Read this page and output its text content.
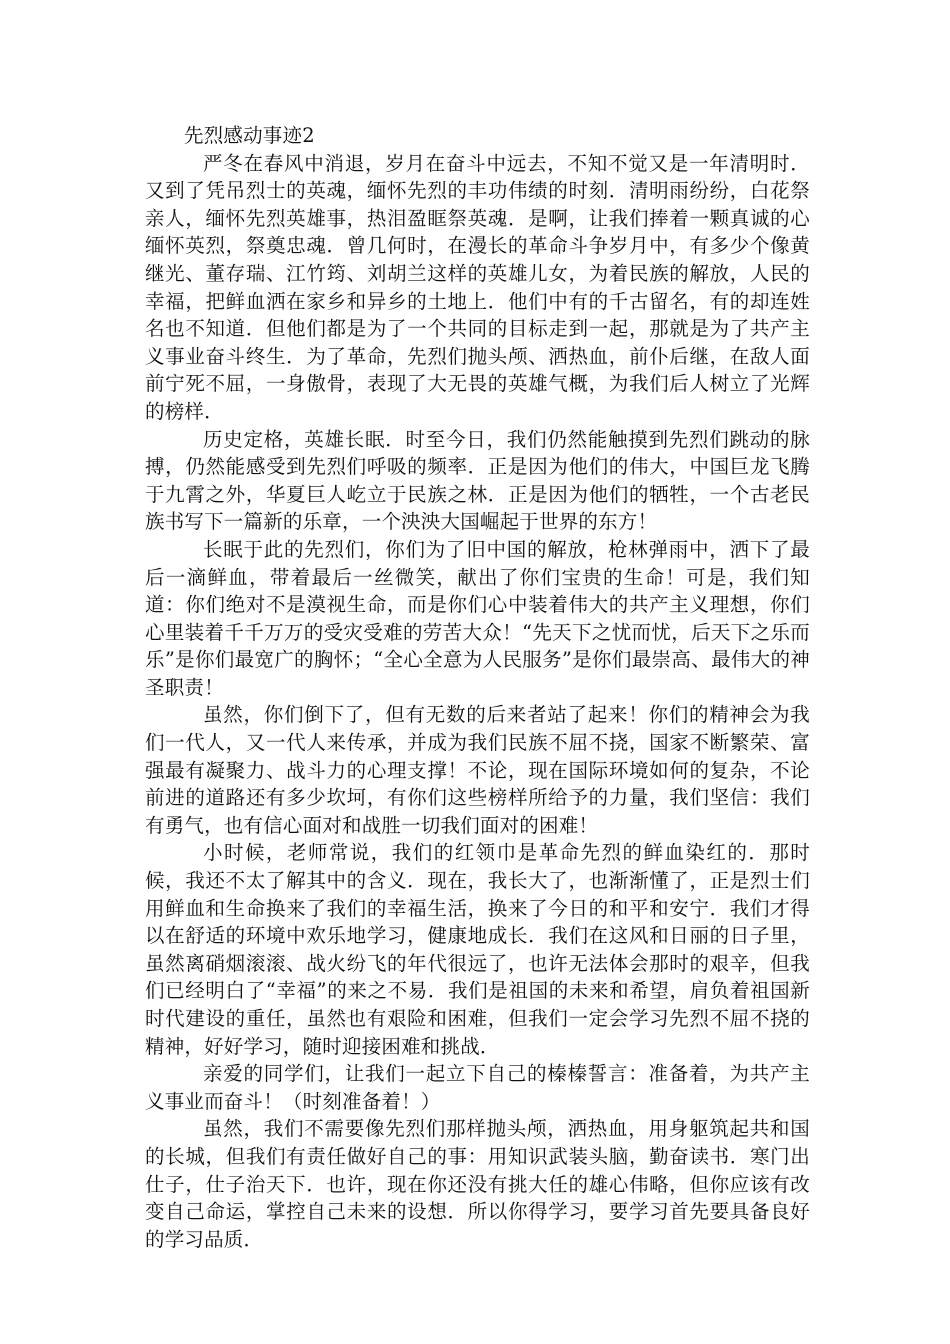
先烈感动事迹2

严冬在春风中消退，岁月在奋斗中远去，不知不觉又是一年清明时．又到了凭吊烈士的英魂，缅怀先烈的丰功伟绩的时刻．清明雨纷纷，白花祭亲人，缅怀先烈英雄事，热泪盈眶祭英魂．是啊，让我们捧着一颗真诚的心缅怀英烈，祭奠忠魂．曾几何时，在漫长的革命斗争岁月中，有多少个像黄继光、董存瑞、江竹筠、刘胡兰这样的英雄儿女，为着民族的解放，人民的幸福，把鲜血洒在家乡和异乡的土地上．他们中有的千古留名，有的却连姓名也不知道．但他们都是为了一个共同的目标走到一起，那就是为了共产主义事业奋斗终生．为了革命，先烈们抛头颅、洒热血，前仆后继，在敌人面前宁死不屈，一身傲骨，表现了大无畏的英雄气概，为我们后人树立了光辉的榜样．

历史定格，英雄长眠．时至今日，我们仍然能触摸到先烈们跳动的脉搏，仍然能感受到先烈们呼吸的频率．正是因为他们的伟大，中国巨龙飞腾于九霄之外，华夏巨人屹立于民族之林．正是因为他们的牺牲，一个古老民族书写下一篇新的乐章，一个泱泱大国崛起于世界的东方！

长眠于此的先烈们，你们为了旧中国的解放，枪林弹雨中，洒下了最后一滴鲜血，带着最后一丝微笑，献出了你们宝贵的生命！可是，我们知道：你们绝对不是漠视生命，而是你们心中装着伟大的共产主义理想，你们心里装着千千万万的受灾受难的劳苦大众！“先天下之忧而忧，后天下之乐而乐”是你们最宽广的胸怀；“全心全意为人民服务”是你们最崇高、最伟大的神圣职责！

虽然，你们倒下了，但有无数的后来者站了起来！你们的精神会为我们一代人，又一代人来传承，并成为我们民族不屈不挠，国家不断繁荣、富强最有凝聚力、战斗力的心理支撑！不论，现在国际环境如何的复杂，不论前进的道路还有多少坎坷，有你们这些榜样所给予的力量，我们坚信：我们有勇气，也有信心面对和战胜一切我们面对的困难！

小时候，老师常说，我们的红领巾是革命先烈的鲜血染红的．那时候，我还不太了解其中的含义．现在，我长大了，也渐渐懂了，正是烈士们用鲜血和生命换来了我们的幸福生活，换来了今日的和平和安宁．我们才得以在舒适的环境中欢乐地学习，健康地成长．我们在这风和日丽的日子里，虽然离硝烟滚滚、战火纷飞的年代很远了，也许无法体会那时的艰辛，但我们已经明白了“幸福”的来之不易．我们是祖国的未来和希望，肩负着祖国新时代建设的重任，虽然也有艰险和困难，但我们一定会学习先烈不屈不挠的精神，好好学习，随时迎接困难和挑战．

亲爱的同学们，让我们一起立下自己的榛榛誓言：准备着，为共产主义事业而奋斗！（时刻准备着！）

虽然，我们不需要像先烈们那样抛头颅，洒热血，用身躯筑起共和国的长城，但我们有责任做好自己的事：用知识武装头脑，勤奋读书．寒门出仕子，仕子治天下．也许，现在你还没有挑大任的雄心伟略，但你应该有改变自己命运，掌控自己未来的设想．所以你得学习，要学习首先要具备良好的学习品质．
